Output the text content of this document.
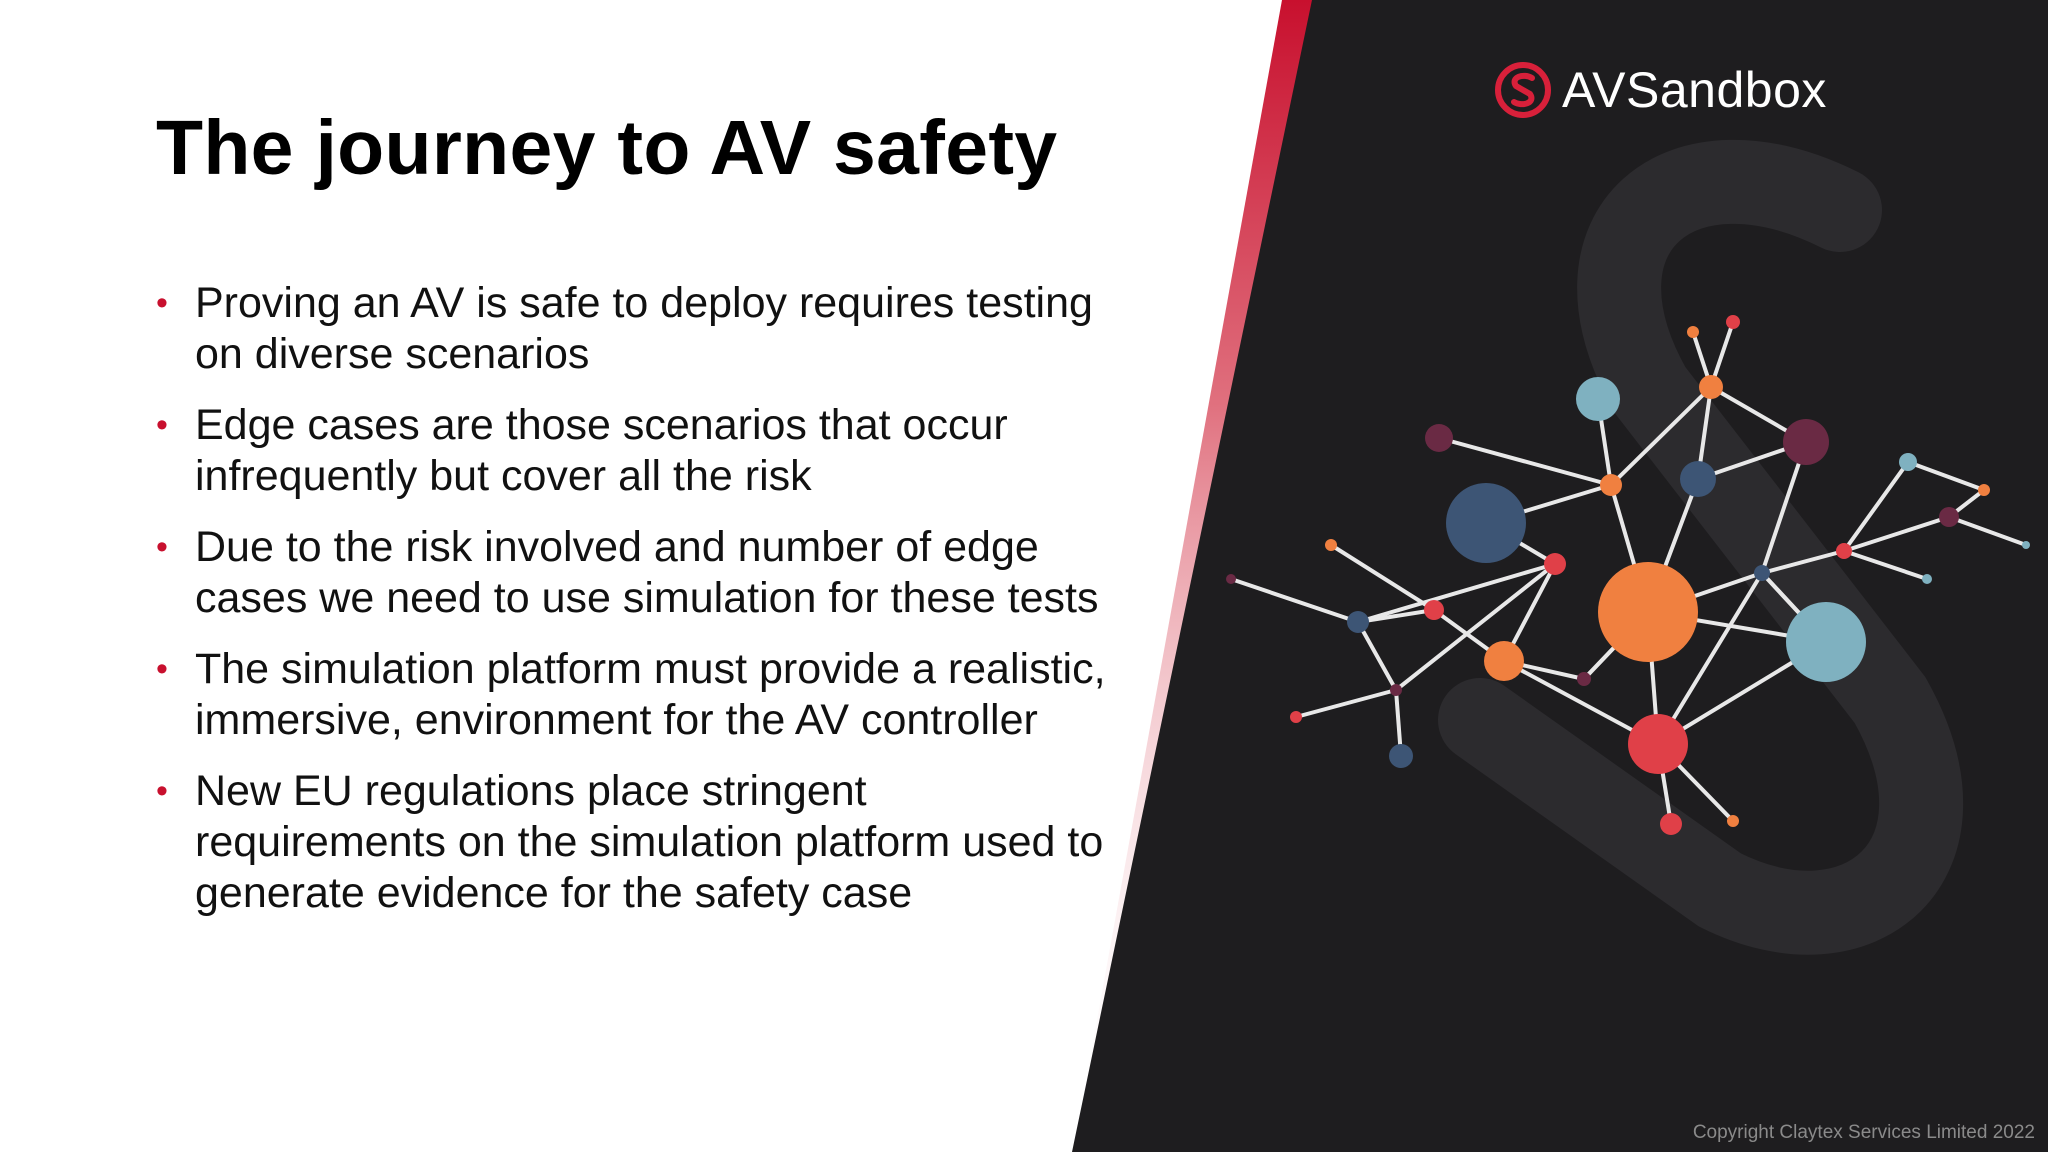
The journey to AV safety
• Proving an AV is safe to deploy requires testing on diverse scenarios
• Edge cases are those scenarios that occur infrequently but cover all the risk
• Due to the risk involved and number of edge cases we need to use simulation for these tests
• The simulation platform must provide a realistic, immersive, environment for the AV controller
• New EU regulations place stringent requirements on the simulation platform used to generate evidence for the safety case
AVSandbox
Copyright Claytex Services Limited 2022
